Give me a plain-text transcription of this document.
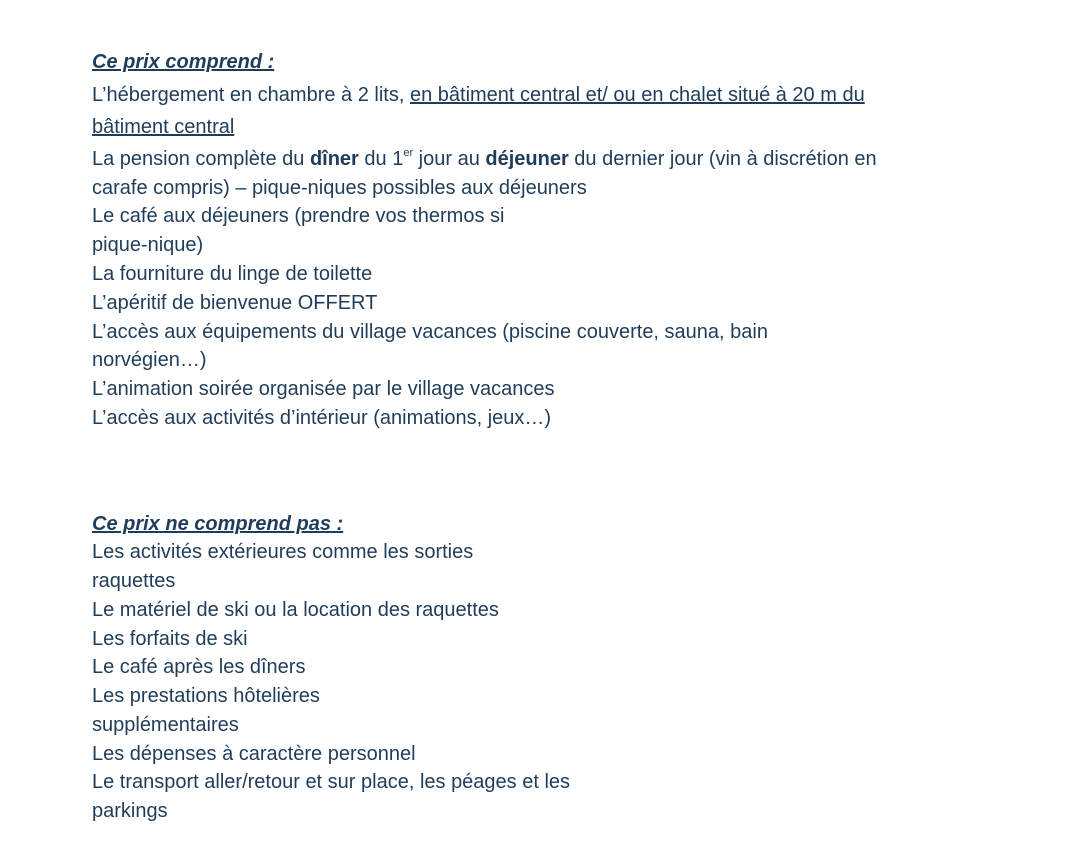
Ce prix comprend :
L’hébergement en chambre à 2 lits, en bâtiment central et/ ou en chalet situé à 20 m du
bâtiment central
La pension complète du dîner du 1er jour au déjeuner du dernier jour (vin à discrétion en
carafe compris) – pique-niques possibles aux déjeuners
Le café aux déjeuners (prendre vos thermos si
pique-nique)
La fourniture du linge de toilette
L’apéritif de bienvenue OFFERT
L’accès aux équipements du village vacances (piscine couverte, sauna, bain
norvégien…)
L’animation soirée organisée par le village vacances
L’accès aux activités d’intérieur (animations, jeux…)
Ce prix ne comprend pas :
Les activités extérieures comme les sorties
raquettes
Le matériel de ski ou la location des raquettes
Les forfaits de ski
Le café après les dîners
Les prestations hôtelières
supplémentaires
Les dépenses à caractère personnel
Le transport aller/retour et sur place, les péages et les
parkings
